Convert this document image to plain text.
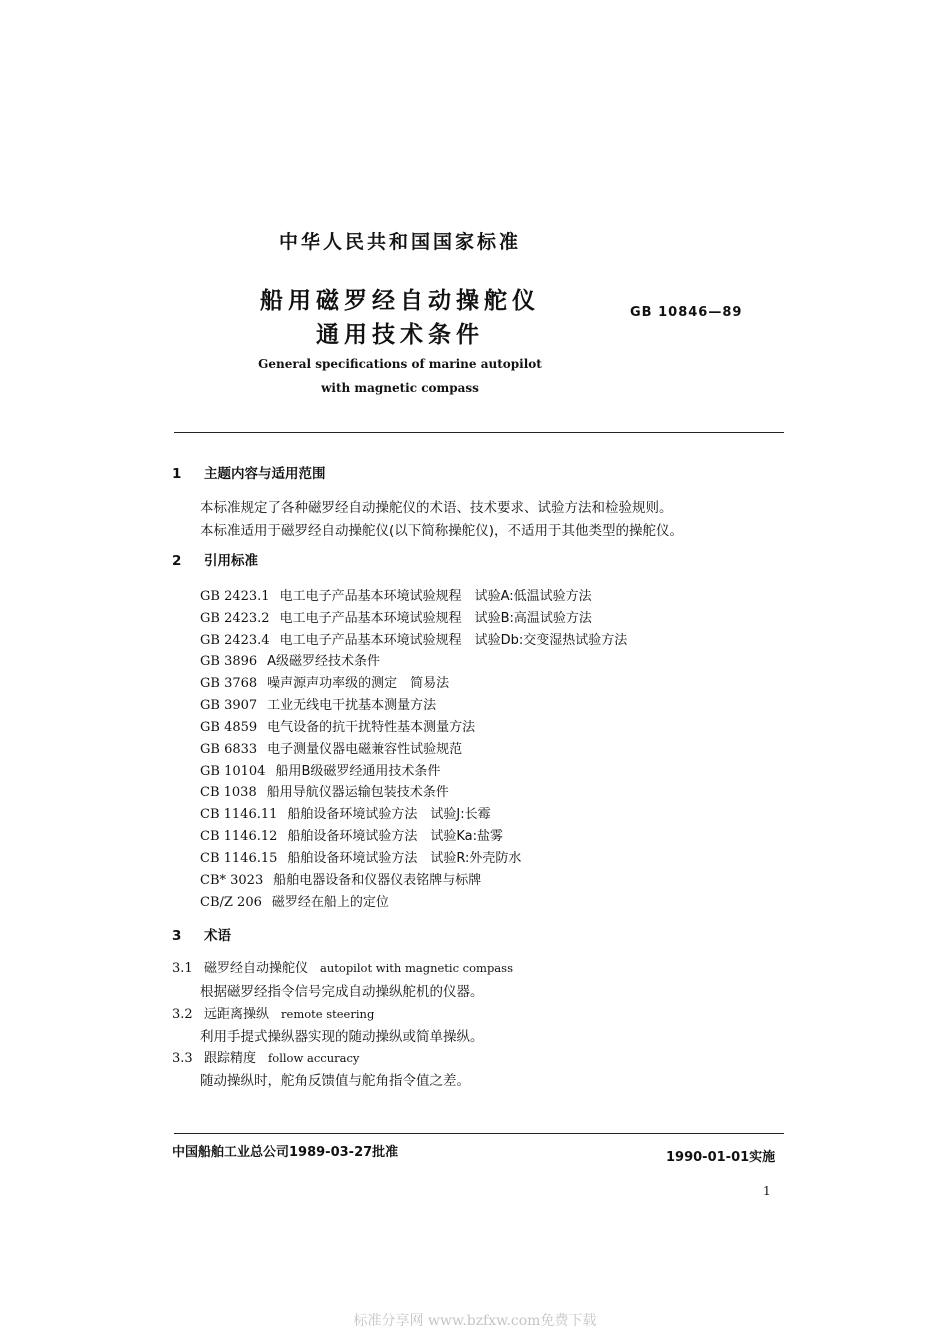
中华人民共和国国家标准
船用磁罗经自动操舵仪
通用技术条件
GB 10846—89
General specifications of marine autopilot
with magnetic compass
1 主题内容与适用范围
本标准规定了各种磁罗经自动操舵仪的术语、技术要求、试验方法和检验规则。
本标准适用于磁罗经自动操舵仪(以下简称操舵仪)，不适用于其他类型的操舵仪。
2 引用标准
GB 2423.1 电工电子产品基本环境试验规程　试验A:低温试验方法
GB 2423.2 电工电子产品基本环境试验规程　试验B:高温试验方法
GB 2423.4 电工电子产品基本环境试验规程　试验Db:交变湿热试验方法
GB 3896 A级磁罗经技术条件
GB 3768 噪声源声功率级的测定　简易法
GB 3907 工业无线电干扰基本测量方法
GB 4859 电气设备的抗干扰特性基本测量方法
GB 6833 电子测量仪器电磁兼容性试验规范
GB 10104 船用B级磁罗经通用技术条件
CB 1038 船用导航仪器运输包装技术条件
CB 1146.11 船舶设备环境试验方法　试验J:长霉
CB 1146.12 船舶设备环境试验方法　试验Ka:盐雾
CB 1146.15 船舶设备环境试验方法　试验R:外壳防水
CB* 3023 船舶电器设备和仪器仪表铭牌与标牌
CB/Z 206 磁罗经在船上的定位
3 术语
3.1 磁罗经自动操舵仪 autopilot with magnetic compass
根据磁罗经指令信号完成自动操纵舵机的仪器。
3.2 远距离操纵 remote steering
利用手提式操纵器实现的随动操纵或简单操纵。
3.3 跟踪精度 follow accuracy
随动操纵时，舵角反馈值与舵角指令值之差。
中国船舶工业总公司1989-03-27批准	1990-01-01实施
1
标准分享网 www.bzfxw.com免费下载
